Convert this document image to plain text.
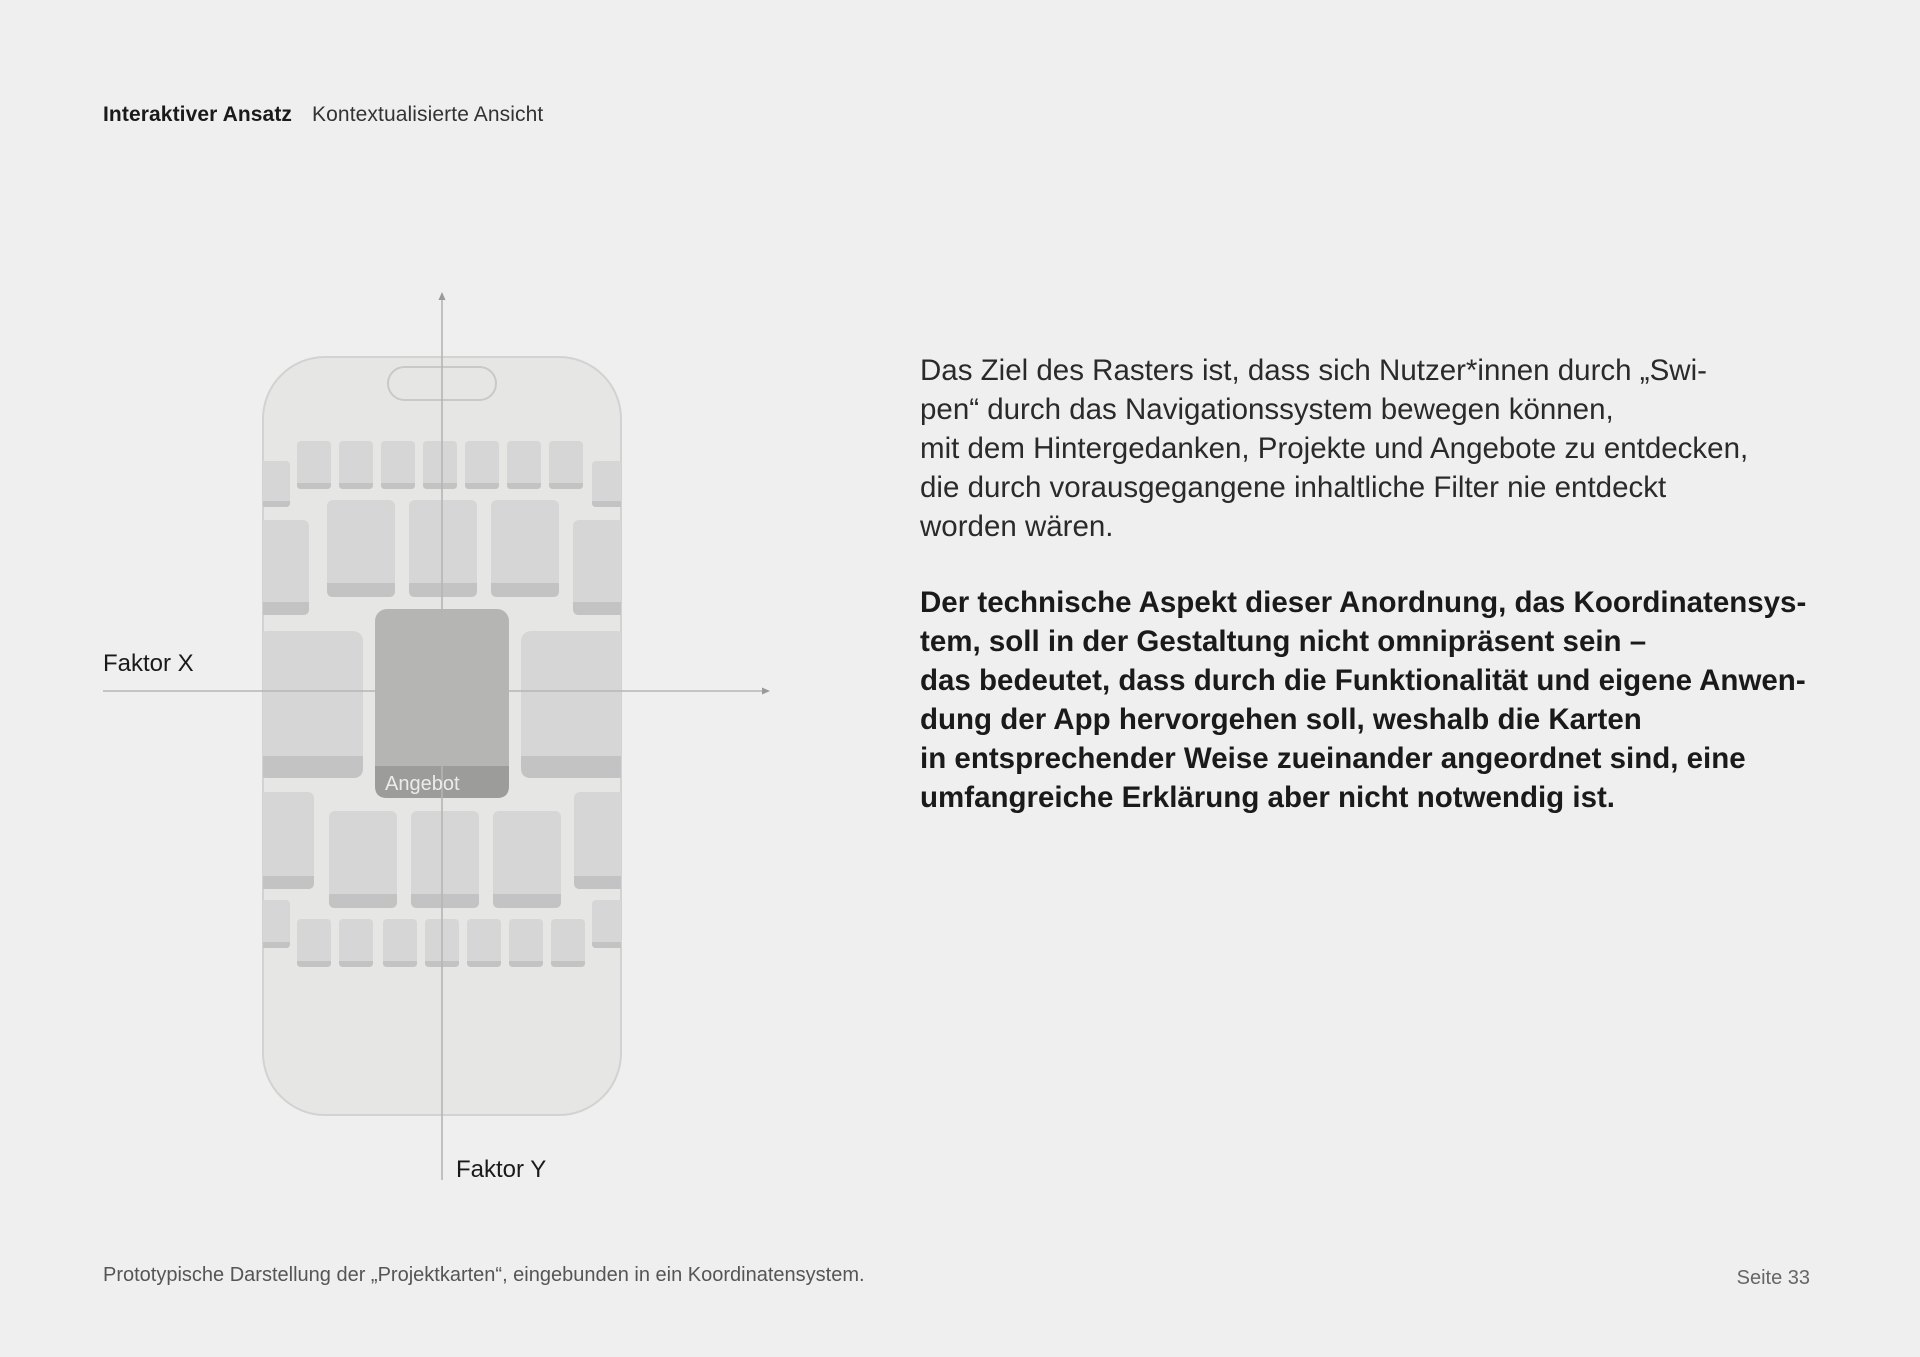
Interaktiver Ansatz Kontextualisierte Ansicht
Angebot
Faktor X
Faktor Y
Das Ziel des Rasters ist, dass sich Nutzer*innen durch „Swi-
pen“ durch das Navigationssystem bewegen können,
mit dem Hintergedanken, Projekte und Angebote zu entdecken,
die durch vorausgegangene inhaltliche Filter nie entdeckt
worden wären.
Der technische Aspekt dieser Anordnung, das Koordinatensys-
tem, soll in der Gestaltung nicht omnipräsent sein –
das bedeutet, dass durch die Funktionalität und eigene Anwen-
dung der App hervorgehen soll, weshalb die Karten
in entsprechender Weise zueinander angeordnet sind, eine
umfangreiche Erklärung aber nicht notwendig ist.
Prototypische Darstellung der „Projektkarten“, eingebunden in ein Koordinatensystem.	Seite 33
